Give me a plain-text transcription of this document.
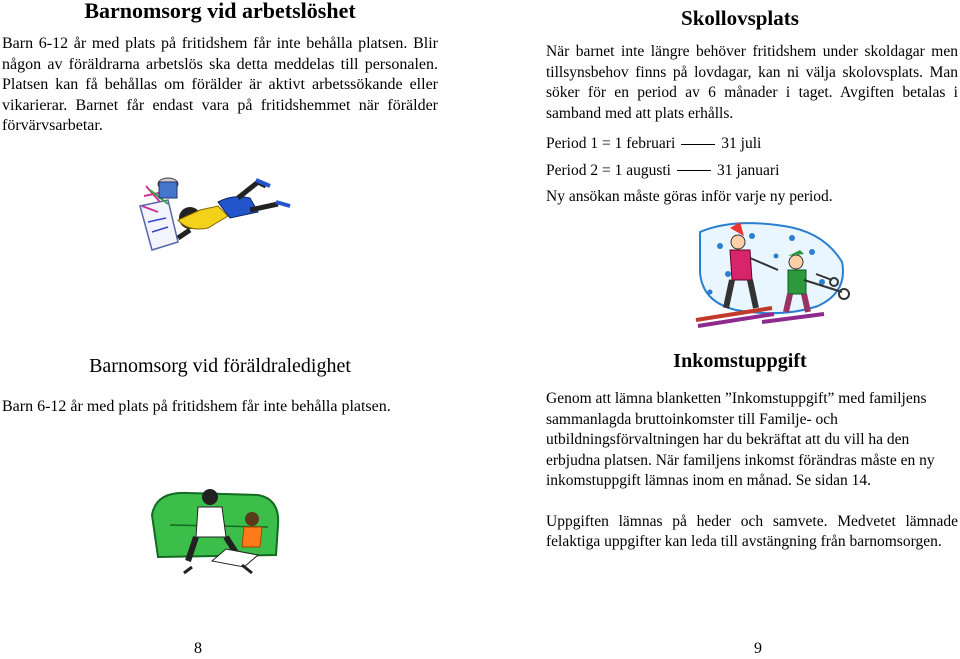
Barnomsorg vid arbetslöshet
Barn 6-12 år med plats på fritidshem får inte behålla platsen. Blir någon av föräldrarna arbetslös ska detta meddelas till personalen. Platsen kan få behållas om förälder är aktivt arbetssökande eller vikarierar. Barnet får endast vara på fritidshemmet när förälder förvärvsarbetar.
Barnomsorg vid föräldraledighet
Barn 6-12 år med plats på fritidshem får inte behålla platsen.
8
Skollovsplats

När barnet inte längre behöver fritidshem under skoldagar men tillsynsbehov finns på lovdagar, kan ni välja skolovsplats. Man söker för en period av 6 månader i taget. Avgiften betalas i samband med att plats erhålls.

Period 1 = 1 februari	31 juli

Period 2 = 1 augusti	31 januari

Ny ansökan måste göras inför varje ny period.

Inkomstuppgift

Genom att lämna blanketten ”Inkomstuppgift” med familjens sammanlagda bruttoinkomster till Familje- och utbildningsförvaltningen har du bekräftat att du vill ha den erbjudna platsen. När familjens inkomst förändras måste en ny inkomstuppgift lämnas inom en månad. Se sidan 14.

Uppgiften lämnas på heder och samvete. Medvetet lämnade felaktiga uppgifter kan leda till avstängning från barnomsorgen.

9
